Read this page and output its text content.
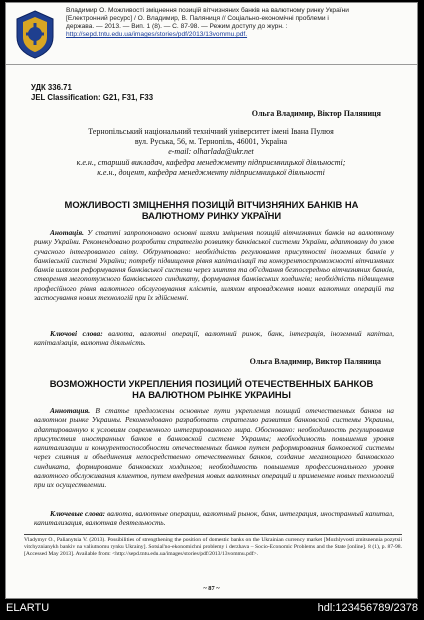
Владимир О. Можливості зміцнення позицій вітчизняних банків на валютному ринку України
[Електронний ресурс] / О. Владимир, В. Паляниця // Соціально-економічні проблеми і
держава. — 2013. — Вип. 1 (8). — С. 87-98. — Режим доступу до журн. :
http://sepd.tntu.edu.ua/images/stories/pdf/2013/13vommu.pdf.
УДК 336.71
JEL Classification: G21, F31, F33
Ольга Владимир, Віктор Паляниця
Тернопільський національний технічний університет імені Івана Пулюя
вул. Руська, 56, м. Тернопіль, 46001, Україна
e-mail: olharlada@ukr.net
к.е.н., старший викладач, кафедра менеджменту підприємницької діяльності;
к.е.н., доцент, кафедра менеджменту підприємницької діяльності
МОЖЛИВОСТІ ЗМІЦНЕННЯ ПОЗИЦІЙ ВІТЧИЗНЯНИХ БАНКІВ НА ВАЛЮТНОМУ РИНКУ УКРАЇНИ

Анотація. У статті запропоновано основні шляхи зміцнення позицій вітчизняних банків на валютному ринку України. Рекомендовано розробити стратегію розвитку банківської системи України, адаптовану до умов сучасного інтегрованого світу. Обґрунтовано: необхідність регулювання присутності іноземних банків у банківській системі України; потребу підвищення рівня капіталізації та конкурентоспроможності вітчизняних банків шляхом реформування банківської системи через злиття та об'єднання безпосередньо вітчизняних банків, створення мегопотужного банківського синдикату, формування банківських холдингів; необхідність підвищення професійного рівня валютного обслуговування клієнтів, шляхом впровадження нових валютних операцій та застосування нових технологій при їх здійсненні.

Ключові слова: валюта, валютні операції, валютний ринок, банк, інтеграція, іноземний капітал, капіталізація, валютна діяльність.

Ольга Владимир, Виктор Паляница
ВОЗМОЖНОСТИ УКРЕПЛЕНИЯ ПОЗИЦИЙ ОТЕЧЕСТВЕННЫХ БАНКОВ НА ВАЛЮТНОМ РЫНКЕ УКРАИНЫ

Аннотация. В статье предложены основные пути укрепления позиций отечественных банков на валютном рынке Украины. Рекомендовано разработать стратегию развития банковской системы Украины, адаптированную к условиям современного интегрированного мира. Обосновано: необходимость регулирования присутствия иностранных банков в банковской системе Украины; необходимость повышения уровня капитализации и конкурентоспособности отечественных банков путем реформирования банковской системы через слияния и объединения непосредственно отечественных банков, создание мегамощного банковского синдиката, формирование банковских холдингов; необходимость повышения профессионального уровня валютного обслуживания клиентов, путем внедрения новых валютных операций и применение новых технологий при их осуществлении.

Ключевые слова: валюта, валютные операции, валютный рынок, банк, интеграция, иностранный капитал, капитализация, валютная деятельность.

Vladymyr O., Palianytsia V. (2013). Possibilities of strengthening the position of domestic banks on the Ukrainian currency market [Mozhlyvosti zmitsnennia pozytsii vitchyznianykh bankiv na valiutnomu rynku Ukrainy]. Sotsial'no-ekonomichni problemy i derzhava – Socio-Economic Problems and the State [online]. 8 (1), p. 87-98. [Accessed May 2013]. Available from: <http://sepd.tntu.edu.ua/images/stories/pdf/2013/13vommu.pdf>.
~ 87 ~
ELARTU	hdl:123456789/2378
